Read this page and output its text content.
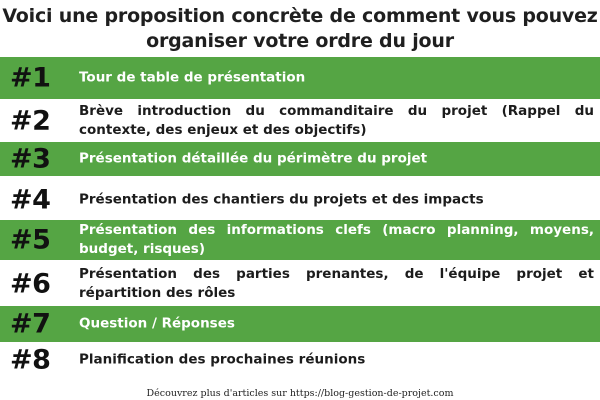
Voici une proposition concrète de comment vous pouvez
organiser votre ordre du jour
#1 Tour de table de présentation
#2 Brève introduction du commanditaire du projet (Rappel du contexte, des enjeux et des objectifs)
#3 Présentation détaillée du périmètre du projet
#4 Présentation des chantiers du projets et des impacts
#5 Présentation des informations clefs (macro planning, moyens, budget, risques)
#6 Présentation des parties prenantes, de l'équipe projet et répartition des rôles
#7 Question / Réponses
#8 Planification des prochaines réunions
Découvrez plus d'articles sur https://blog-gestion-de-projet.com
